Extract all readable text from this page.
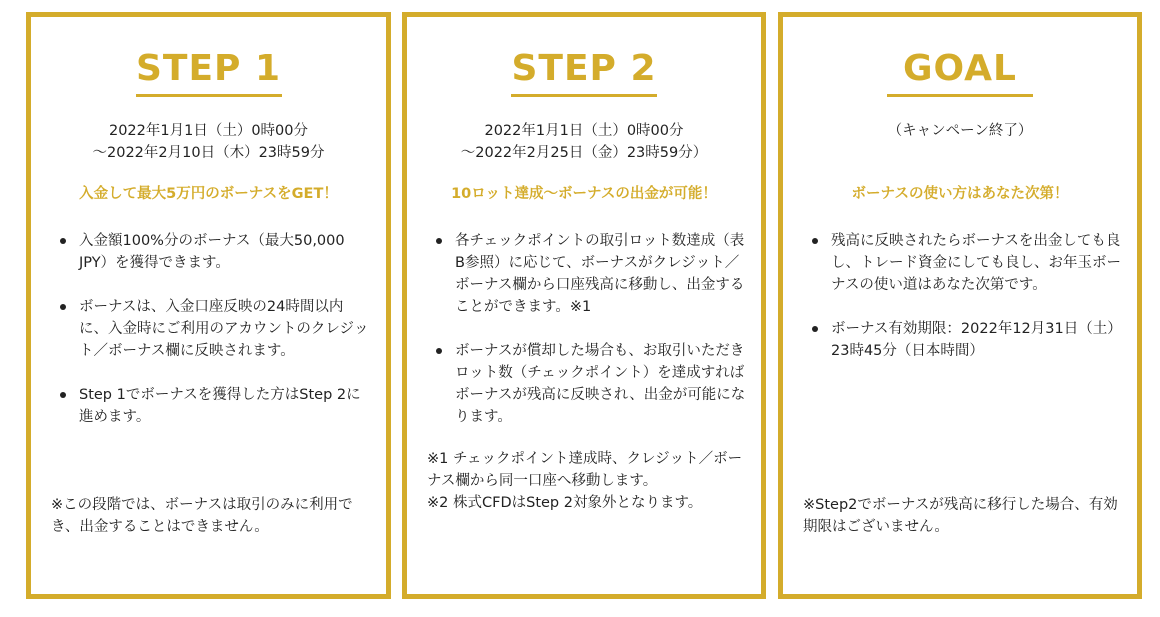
STEP 1
2022年1月1日（土）0時00分
～2022年2月10日（木）23時59分
入金して最大5万円のボーナスをGET！
入金額100%分のボーナス（最大50,000 JPY）を獲得できます。
ボーナスは、入金口座反映の24時間以内に、入金時にご利用のアカウントのクレジット／ボーナス欄に反映されます。
Step 1でボーナスを獲得した方はStep 2に進めます。
※この段階では、ボーナスは取引のみに利用でき、出金することはできません。
STEP 2
2022年1月1日（土）0時00分
～2022年2月25日（金）23時59分）
10ロット達成～ボーナスの出金が可能！
各チェックポイントの取引ロット数達成（表B参照）に応じて、ボーナスがクレジット／ボーナス欄から口座残高に移動し、出金することができます。※1
ボーナスが償却した場合も、お取引いただきロット数（チェックポイント）を達成すればボーナスが残高に反映され、出金が可能になります。
※1 チェックポイント達成時、クレジット／ボーナス欄から同一口座へ移動します。
※2 株式CFDはStep 2対象外となります。
GOAL
（キャンペーン終了）
ボーナスの使い方はあなた次第！
残高に反映されたらボーナスを出金しても良し、トレード資金にしても良し、お年玉ボーナスの使い道はあなた次第です。
ボーナス有効期限：2022年12月31日（土）23時45分（日本時間）
※Step2でボーナスが残高に移行した場合、有効期限はございません。
